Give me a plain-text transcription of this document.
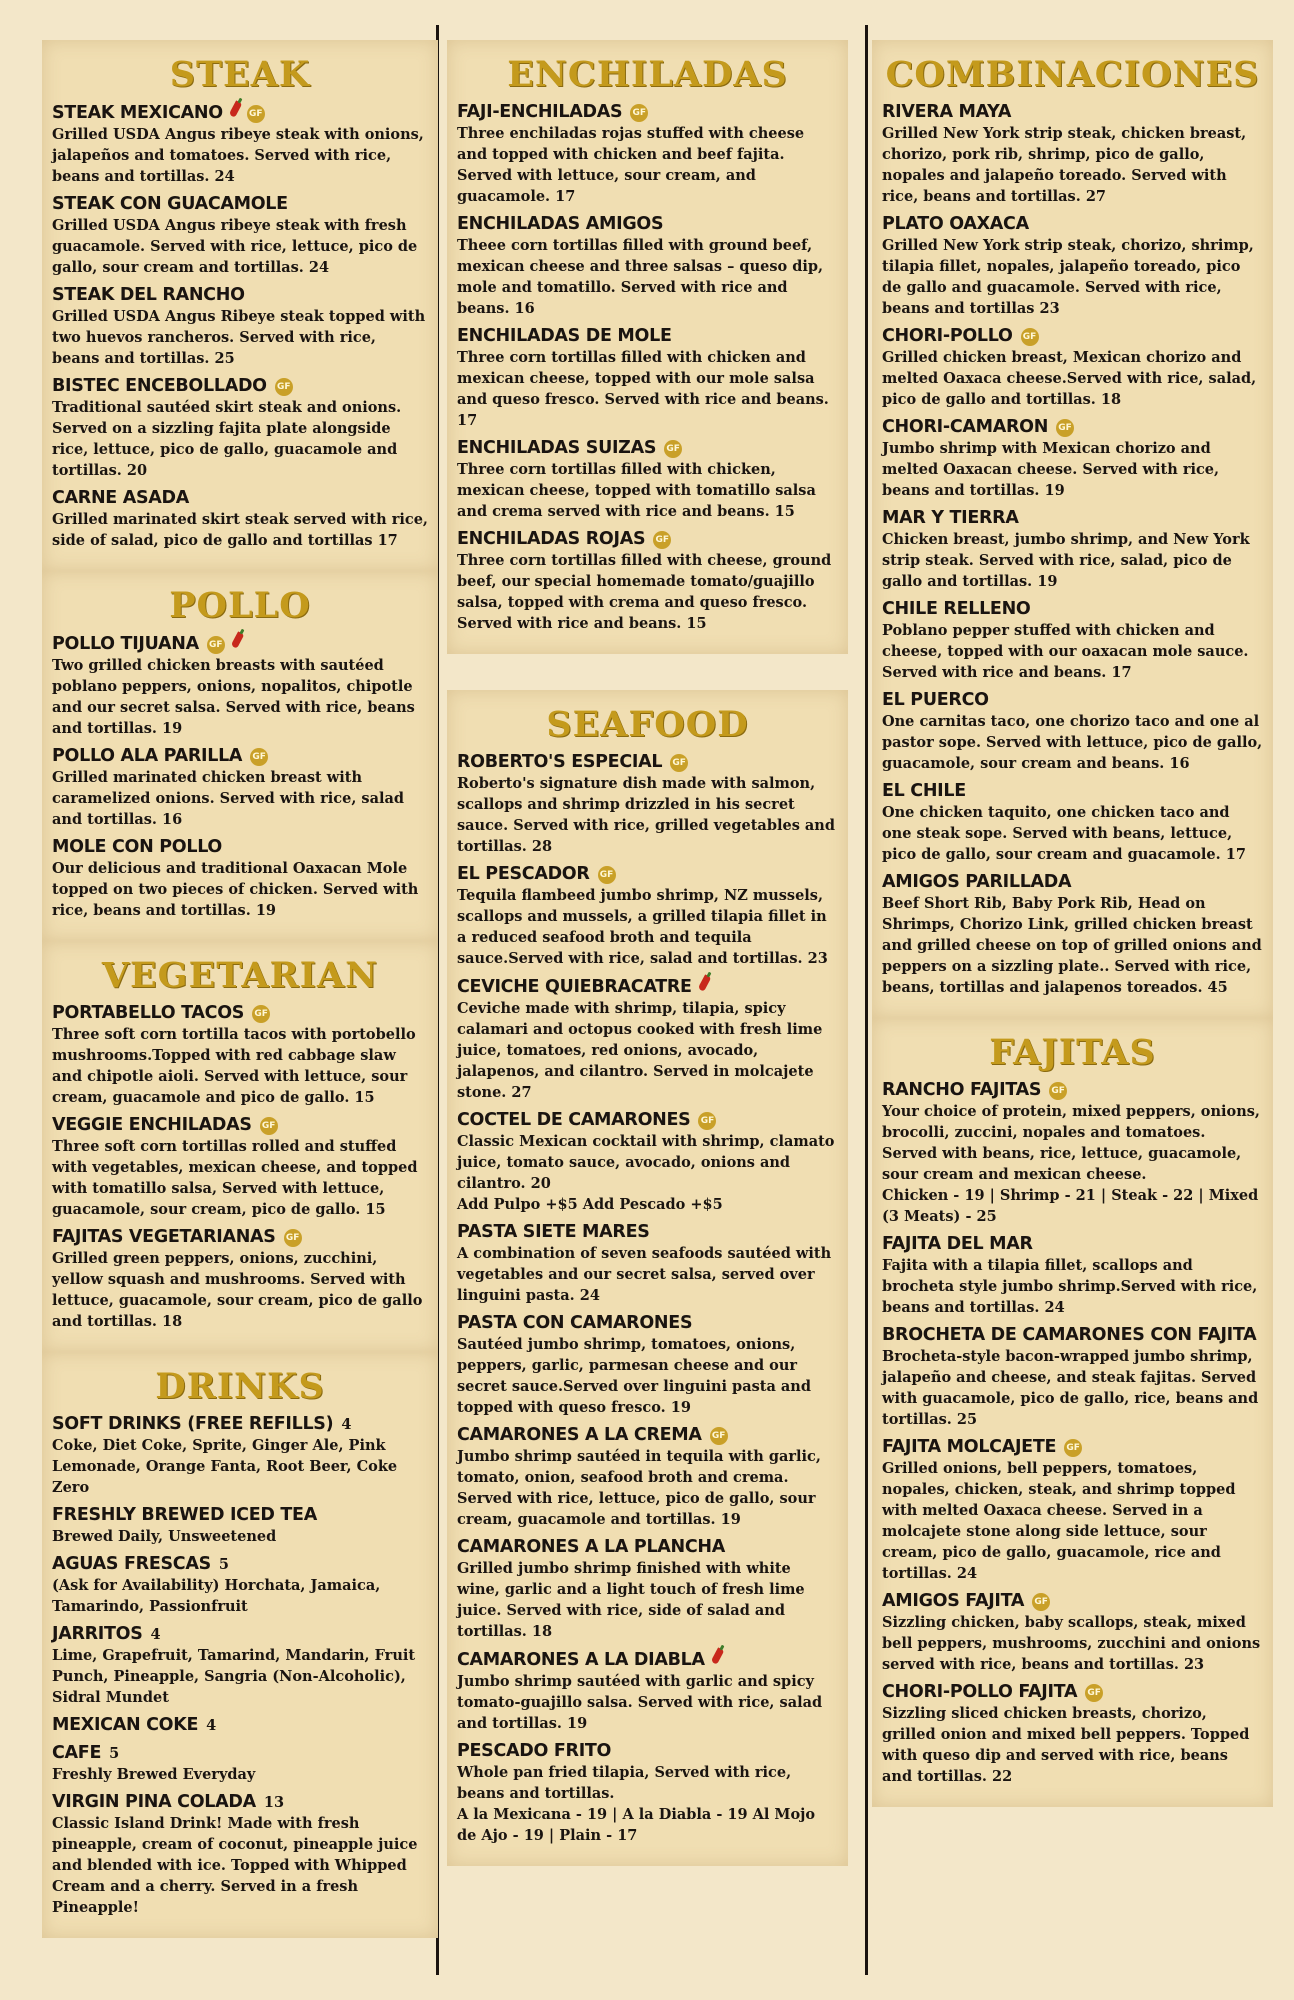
STEAK
STEAK MEXICANO	GF

Grilled USDA Angus ribeye steak with onions, jalapeños and tomatoes. Served with rice, beans and tortillas. 24

STEAK CON GUACAMOLE

Grilled USDA Angus ribeye steak with fresh guacamole. Served with rice, lettuce, pico de gallo, sour cream and tortillas. 24

STEAK DEL RANCHO

Grilled USDA Angus Ribeye steak topped with two huevos rancheros. Served with rice, beans and tortillas. 25

BISTEC ENCEBOLLADO GF

Traditional sautéed skirt steak and onions. Served on a sizzling fajita plate alongside rice, lettuce, pico de gallo, guacamole and tortillas. 20

CARNE ASADA

Grilled marinated skirt steak served with rice, side of salad, pico de gallo and tortillas 17

POLLO
POLLO TIJUANA GF

Two grilled chicken breasts with sautéed poblano peppers, onions, nopalitos, chipotle and our secret salsa. Served with rice, beans and tortillas. 19

POLLO ALA PARILLA GF

Grilled marinated chicken breast with caramelized onions. Served with rice, salad and tortillas. 16

MOLE CON POLLO

Our delicious and traditional Oaxacan Mole topped on two pieces of chicken. Served with rice, beans and tortillas. 19

VEGETARIAN
PORTABELLO TACOS GF

Three soft corn tortilla tacos with portobello mushrooms.Topped with red cabbage slaw and chipotle aioli. Served with lettuce, sour cream, guacamole and pico de gallo. 15

VEGGIE ENCHILADAS GF

Three soft corn tortillas rolled and stuffed with vegetables, mexican cheese, and topped with tomatillo salsa, Served with lettuce, guacamole, sour cream, pico de gallo. 15

FAJITAS VEGETARIANAS GF

Grilled green peppers, onions, zucchini, yellow squash and mushrooms. Served with lettuce, guacamole, sour cream, pico de gallo and tortillas. 18

DRINKS
SOFT DRINKS (FREE REFILLS) 4

Coke, Diet Coke, Sprite, Ginger Ale, Pink Lemonade, Orange Fanta, Root Beer, Coke Zero

FRESHLY BREWED ICED TEA

Brewed Daily, Unsweetened

AGUAS FRESCAS 5

(Ask for Availability) Horchata, Jamaica, Tamarindo, Passionfruit

JARRITOS 4

Lime, Grapefruit, Tamarind, Mandarin, Fruit Punch, Pineapple, Sangria (Non-Alcoholic), Sidral Mundet

MEXICAN COKE 4
CAFE 5

Freshly Brewed Everyday

VIRGIN PINA COLADA 13

Classic Island Drink! Made with fresh pineapple, cream of coconut, pineapple juice and blended with ice. Topped with Whipped Cream and a cherry. Served in a fresh Pineapple!

ENCHILADAS
FAJI-ENCHILADAS GF

Three enchiladas rojas stuffed with cheese and topped with chicken and beef fajita. Served with lettuce, sour cream, and guacamole. 17

ENCHILADAS AMIGOS

Theee corn tortillas filled with ground beef, mexican cheese and three salsas – queso dip, mole and tomatillo. Served with rice and beans. 16

ENCHILADAS DE MOLE

Three corn tortillas filled with chicken and mexican cheese, topped with our mole salsa and queso fresco. Served with rice and beans. 17

ENCHILADAS SUIZAS GF

Three corn tortillas filled with chicken, mexican cheese, topped with tomatillo salsa and crema served with rice and beans. 15

ENCHILADAS ROJAS GF

Three corn tortillas filled with cheese, ground beef, our special homemade tomato/guajillo salsa, topped with crema and queso fresco. Served with rice and beans. 15

SEAFOOD
ROBERTO'S ESPECIAL GF

Roberto's signature dish made with salmon, scallops and shrimp drizzled in his secret sauce. Served with rice, grilled vegetables and tortillas. 28

EL PESCADOR GF

Tequila flambeed jumbo shrimp, NZ mussels, scallops and mussels, a grilled tilapia fillet in a reduced seafood broth and tequila sauce.Served with rice, salad and tortillas. 23

CEVICHE QUIEBRACATRE

Ceviche made with shrimp, tilapia, spicy calamari and octopus cooked with fresh lime juice, tomatoes, red onions, avocado, jalapenos, and cilantro. Served in molcajete stone. 27

COCTEL DE CAMARONES GF

Classic Mexican cocktail with shrimp, clamato juice, tomato sauce, avocado, onions and cilantro. 20

Add Pulpo +$5 Add Pescado +$5

PASTA SIETE MARES

A combination of seven seafoods sautéed with vegetables and our secret salsa, served over linguini pasta. 24

PASTA CON CAMARONES

Sautéed jumbo shrimp, tomatoes, onions, peppers, garlic, parmesan cheese and our secret sauce.Served over linguini pasta and topped with queso fresco. 19

CAMARONES A LA CREMA GF

Jumbo shrimp sautéed in tequila with garlic, tomato, onion, seafood broth and crema. Served with rice, lettuce, pico de gallo, sour cream, guacamole and tortillas. 19

CAMARONES A LA PLANCHA

Grilled jumbo shrimp finished with white wine, garlic and a light touch of fresh lime juice. Served with rice, side of salad and tortillas. 18

CAMARONES A LA DIABLA

Jumbo shrimp sautéed with garlic and spicy tomato-guajillo salsa. Served with rice, salad and tortillas. 19

PESCADO FRITO

Whole pan fried tilapia, Served with rice, beans and tortillas.

A la Mexicana - 19 | A la Diabla - 19 Al Mojo de Ajo - 19 | Plain - 17

COMBINACIONES
RIVERA MAYA

Grilled New York strip steak, chicken breast, chorizo, pork rib, shrimp, pico de gallo, nopales and jalapeño toreado. Served with rice, beans and tortillas. 27

PLATO OAXACA

Grilled New York strip steak, chorizo, shrimp, tilapia fillet, nopales, jalapeño toreado, pico de gallo and guacamole. Served with rice, beans and tortillas 23

CHORI-POLLO GF

Grilled chicken breast, Mexican chorizo and melted Oaxaca cheese.Served with rice, salad, pico de gallo and tortillas. 18

CHORI-CAMARON GF

Jumbo shrimp with Mexican chorizo and melted Oaxacan cheese. Served with rice, beans and tortillas. 19

MAR Y TIERRA

Chicken breast, jumbo shrimp, and New York strip steak. Served with rice, salad, pico de gallo and tortillas. 19

CHILE RELLENO

Poblano pepper stuffed with chicken and cheese, topped with our oaxacan mole sauce. Served with rice and beans. 17

EL PUERCO

One carnitas taco, one chorizo taco and one al pastor sope. Served with lettuce, pico de gallo, guacamole, sour cream and beans. 16

EL CHILE

One chicken taquito, one chicken taco and one steak sope. Served with beans, lettuce, pico de gallo, sour cream and guacamole. 17

AMIGOS PARILLADA

Beef Short Rib, Baby Pork Rib, Head on Shrimps, Chorizo Link, grilled chicken breast and grilled cheese on top of grilled onions and peppers on a sizzling plate.. Served with rice, beans, tortillas and jalapenos toreados. 45

FAJITAS
RANCHO FAJITAS GF

Your choice of protein, mixed peppers, onions, brocolli, zuccini, nopales and tomatoes. Served with beans, rice, lettuce, guacamole, sour cream and mexican cheese.

Chicken - 19 | Shrimp - 21 | Steak - 22 | Mixed (3 Meats) - 25

FAJITA DEL MAR

Fajita with a tilapia fillet, scallops and brocheta style jumbo shrimp.Served with rice, beans and tortillas. 24

BROCHETA DE CAMARONES CON FAJITA

Brocheta-style bacon-wrapped jumbo shrimp, jalapeño and cheese, and steak fajitas. Served with guacamole, pico de gallo, rice, beans and tortillas. 25

FAJITA MOLCAJETE GF

Grilled onions, bell peppers, tomatoes, nopales, chicken, steak, and shrimp topped with melted Oaxaca cheese. Served in a molcajete stone along side lettuce, sour cream, pico de gallo, guacamole, rice and tortillas. 24

AMIGOS FAJITA GF

Sizzling chicken, baby scallops, steak, mixed bell peppers, mushrooms, zucchini and onions served with rice, beans and tortillas. 23

CHORI-POLLO FAJITA GF

Sizzling sliced chicken breasts, chorizo, grilled onion and mixed bell peppers. Topped with queso dip and served with rice, beans and tortillas. 22
